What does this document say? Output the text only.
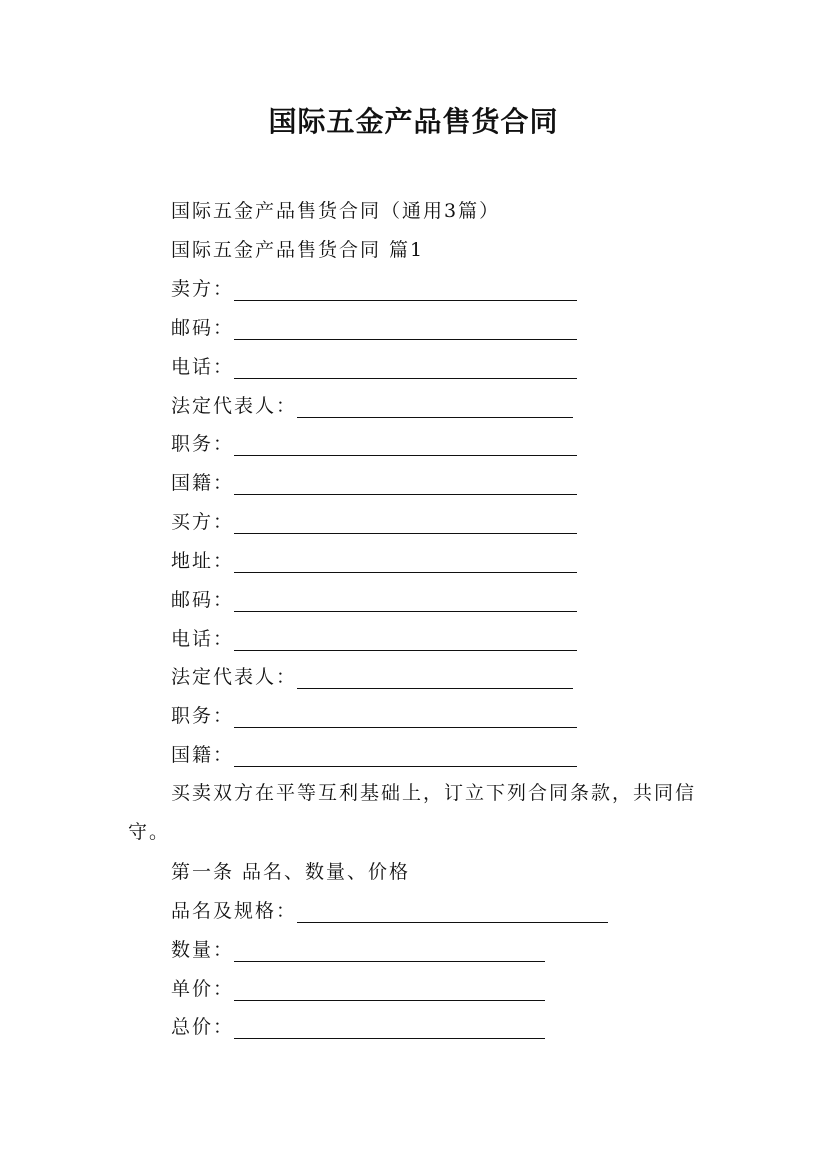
国际五金产品售货合同
国际五金产品售货合同（通用3篇）
国际五金产品售货合同 篇1
卖方：
邮码：
电话：
法定代表人：
职务：
国籍：
买方：
地址：
邮码：
电话：
法定代表人：
职务：
国籍：

买卖双方在平等互利基础上，订立下列合同条款，共同信守。

第一条 品名、数量、价格
品名及规格：
数量：
单价：
总价：
